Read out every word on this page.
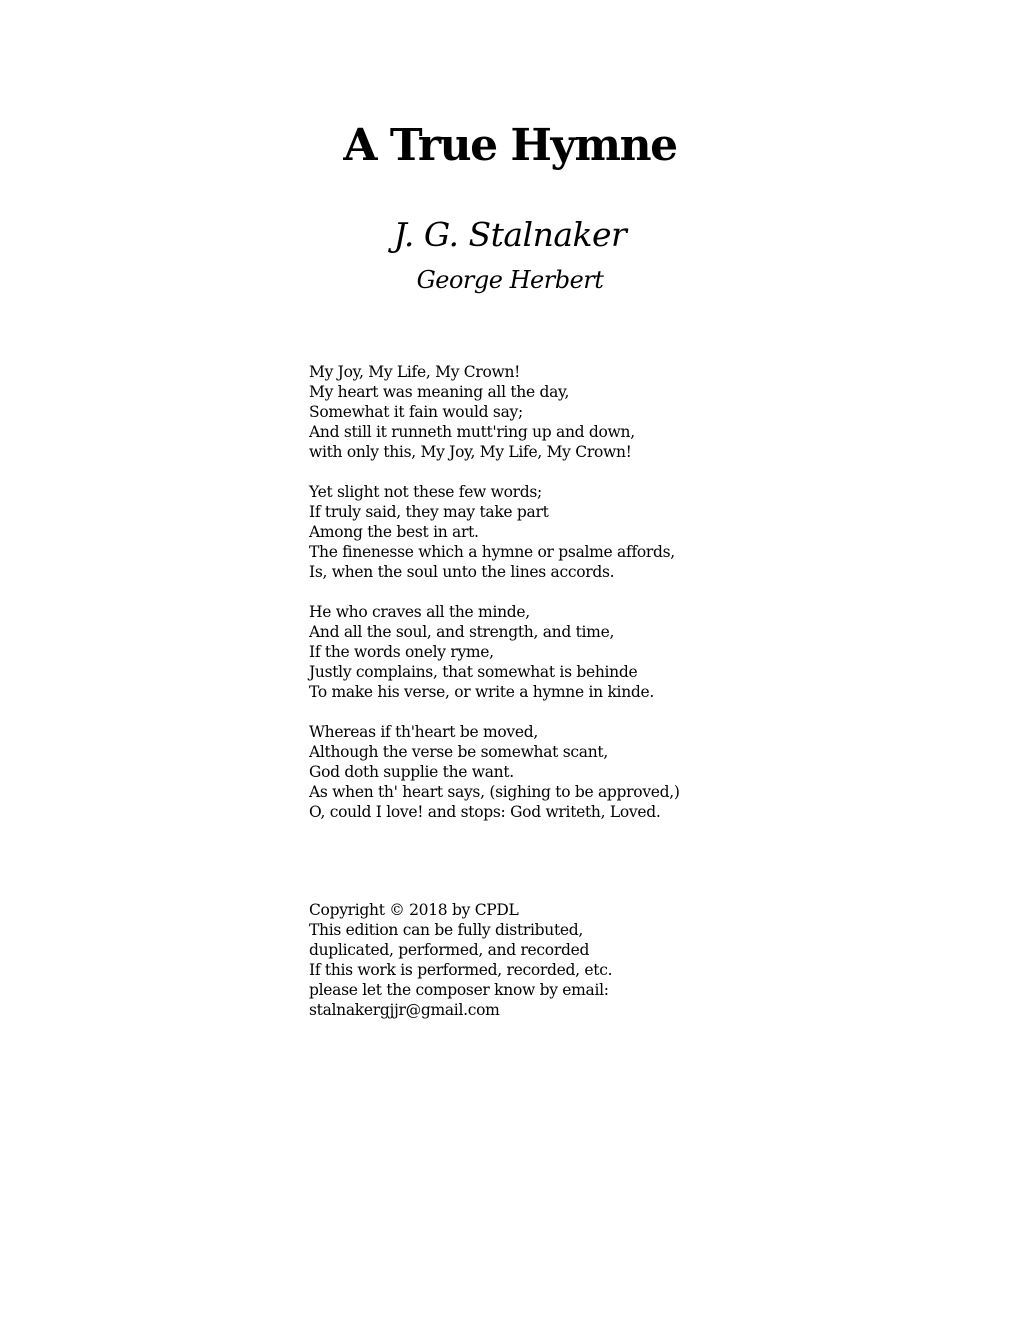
A True Hymne
J. G. Stalnaker
George Herbert
My Joy, My Life, My Crown!
My heart was meaning all the day,
Somewhat it fain would say;
And still it runneth mutt'ring up and down,
with only this, My Joy, My Life, My Crown!
Yet slight not these few words;
If truly said, they may take part
Among the best in art.
The finenesse which a hymne or psalme affords,
Is, when the soul unto the lines accords.
He who craves all the minde,
And all the soul, and strength, and time,
If the words onely ryme,
Justly complains, that somewhat is behinde
To make his verse, or write a hymne in kinde.
Whereas if th'heart be moved,
Although the verse be somewhat scant,
God doth supplie the want.
As when th' heart says, (sighing to be approved,)
O, could I love! and stops: God writeth, Loved.
Copyright © 2018 by CPDL
This edition can be fully distributed,
duplicated, performed, and recorded
If this work is performed, recorded, etc.
please let the composer know by email:
stalnakergjjr@gmail.com
